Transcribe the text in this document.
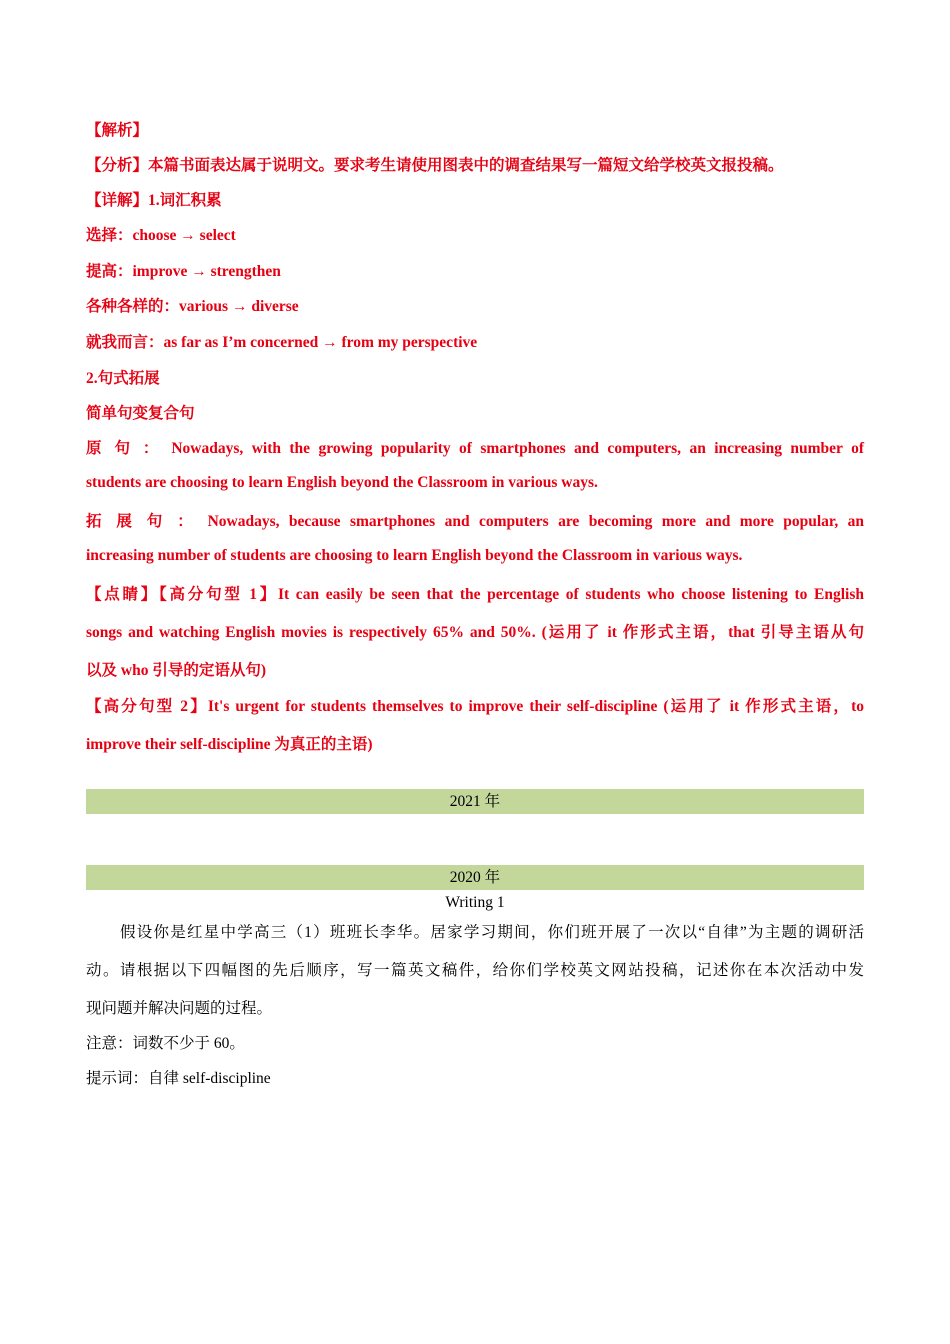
【解析】
【分析】本篇书面表达属于说明文。要求考生请使用图表中的调查结果写一篇短文给学校英文报投稿。
【详解】1.词汇积累
选择：choose → select
提高：improve → strengthen
各种各样的：various → diverse
就我而言：as far as I’m concerned → from my perspective
2.句式拓展
简单句变复合句
原 句 ： Nowadays, with the growing popularity of smartphones and computers, an increasing number of
students are choosing to learn English beyond the Classroom in various ways.
拓 展 句 ： Nowadays, because smartphones and computers are becoming more and more popular, an
increasing number of students are choosing to learn English beyond the Classroom in various ways.
【点睛】【高分句型 1】It can easily be seen that the percentage of students who choose listening to English
songs and watching English movies is respectively 65% and 50%. (运用了 it 作形式主语，that 引导主语从句
以及 who 引导的定语从句)
【高分句型 2】It's urgent for students themselves to improve their self-discipline (运用了 it 作形式主语，to
improve their self-discipline 为真正的主语)
2021 年
2020 年
Writing 1
假设你是红星中学高三（1）班班长李华。居家学习期间，你们班开展了一次以“自律”为主题的调研活
动。请根据以下四幅图的先后顺序，写一篇英文稿件，给你们学校英文网站投稿，记述你在本次活动中发
现问题并解决问题的过程。
注意：词数不少于 60。
提示词：自律 self-discipline
